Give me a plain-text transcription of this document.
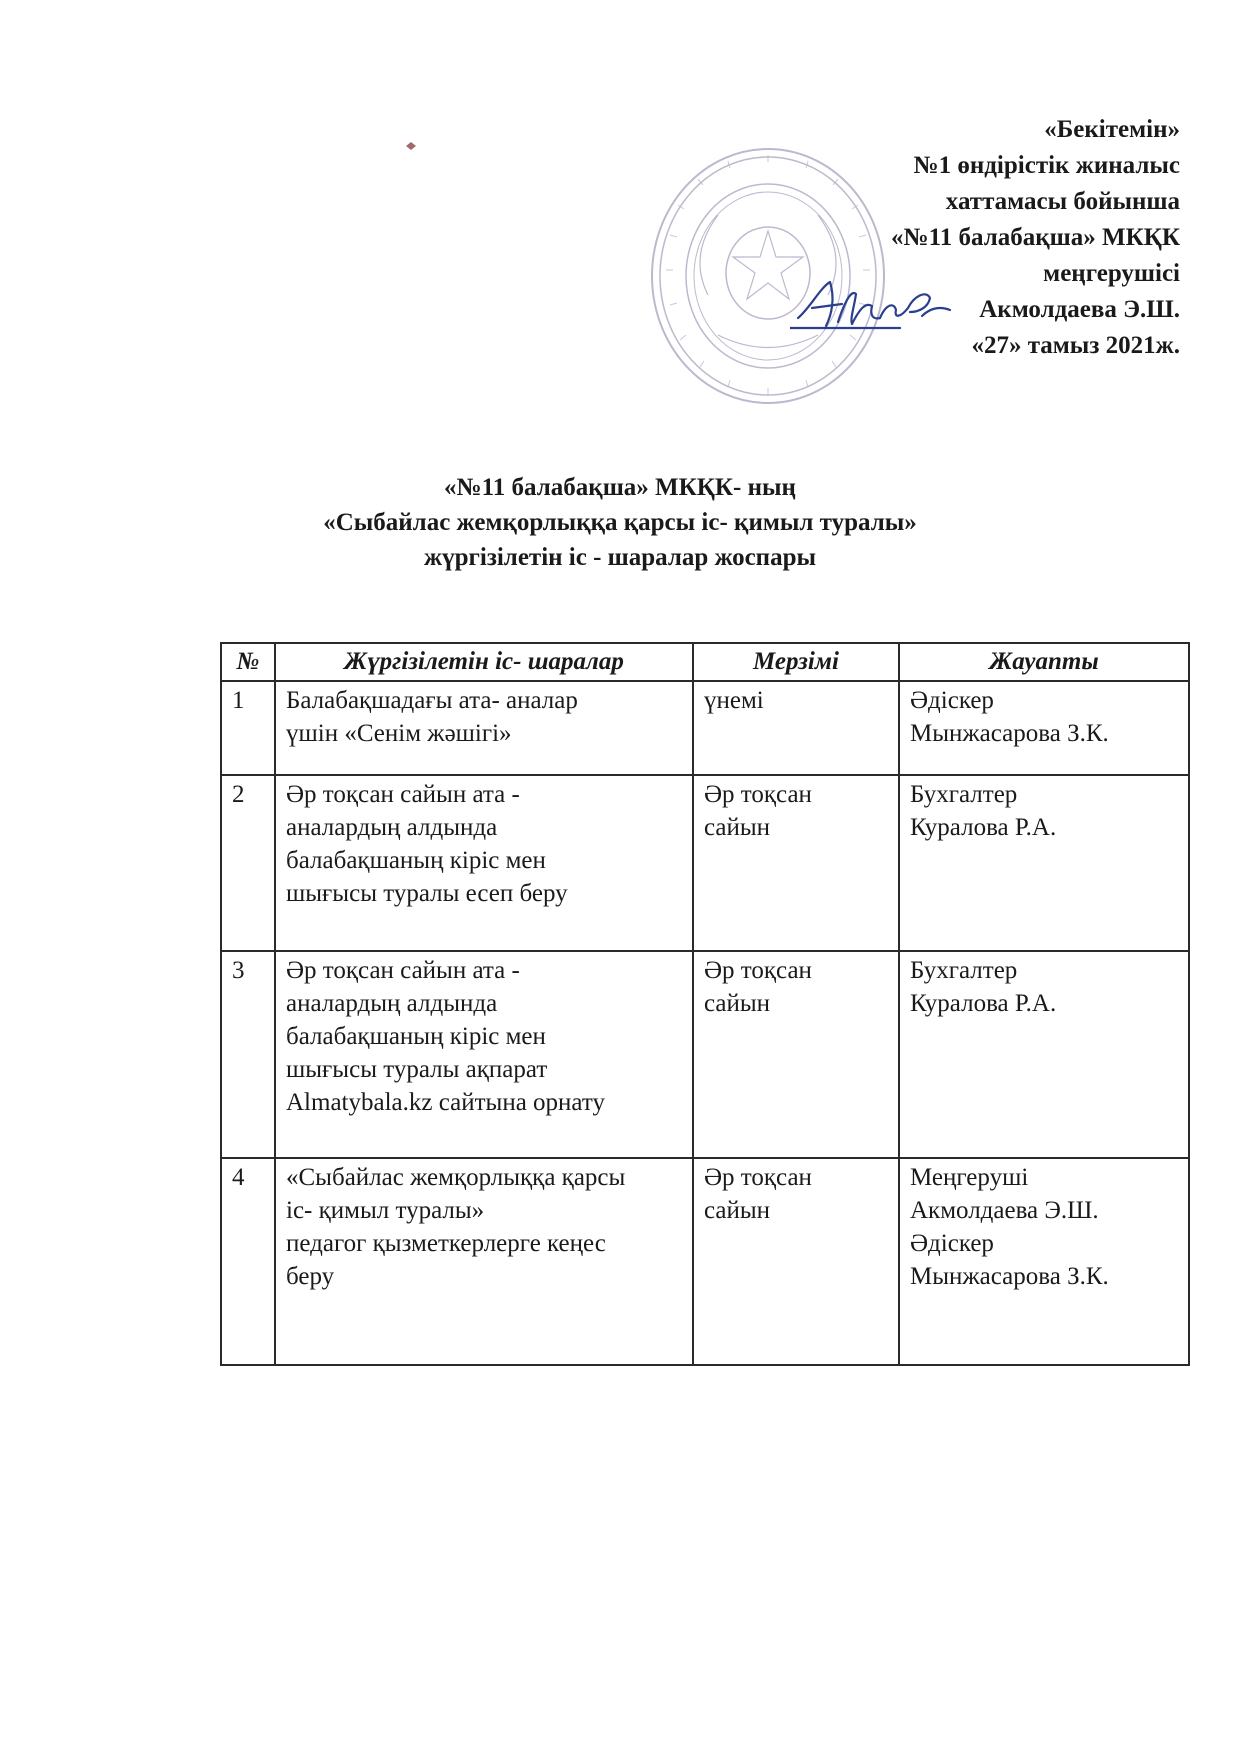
«Бекітемін»
№1 өндірістік жиналыс
хаттамасы бойынша
«№11 балабақша» МКҚК
меңгерушісі
Акмолдаева Э.Ш.
«27» тамыз 2021ж.
«№11 балабақша» МКҚК- ның
«Сыбайлас жемқорлыққа қарсы іс- қимыл туралы»
жүргізілетін іс - шаралар жоспары
№	Жүргізілетін іс- шаралар	Мерзімі	Жауапты
1	Балабақшадағы ата- аналар
үшін «Сенім жәшігі»	үнемі	Әдіскер
Мынжасарова З.К.
2	Әр тоқсан сайын ата -
аналардың алдында
балабақшаның кіріс мен
шығысы туралы есеп беру	Әр тоқсан
сайын	Бухгалтер
Куралова Р.А.
3	Әр тоқсан сайын ата -
аналардың алдында
балабақшаның кіріс мен
шығысы туралы ақпарат
Almatybala.kz сайтына орнату	Әр тоқсан
сайын	Бухгалтер
Куралова Р.А.
4	«Сыбайлас жемқорлыққа қарсы
іс- қимыл туралы»
педагог қызметкерлерге кеңес
беру	Әр тоқсан
сайын	Меңгеруші
Акмолдаева Э.Ш.
Әдіскер
Мынжасарова З.К.
